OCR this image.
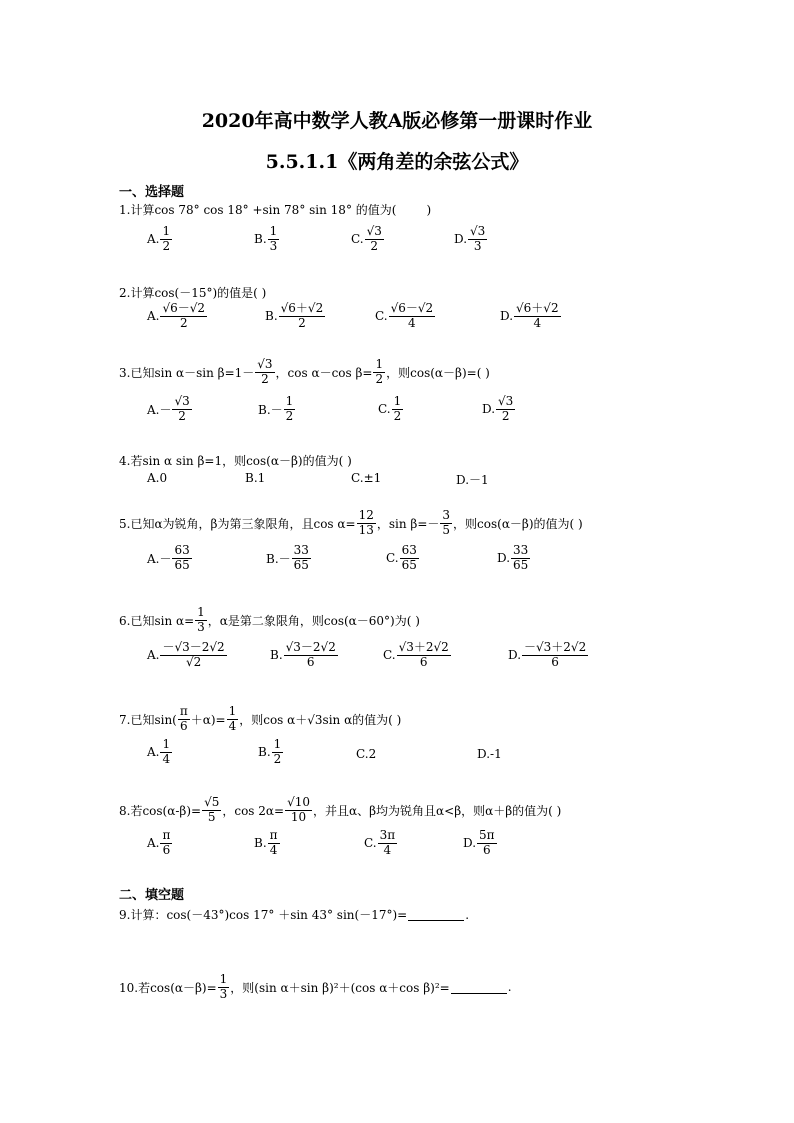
2020年高中数学人教A版必修第一册课时作业
5.5.1.1《两角差的余弦公式》
一、选择题
1.计算cos 78° cos 18° +sin 78° sin 18° 的值为(	)
A. $\frac{1}{2}$	B. $\frac{1}{3}$	C. $\frac{√3}{2}$	D. $\frac{√3}{3}$
2.计算cos(－15°)的值是( )
A. $\frac{√6-√2}{2}$	B. $\frac{√6+√2}{2}$	C. $\frac{√6-√2}{4}$	D. $\frac{√6+√2}{4}$
3.已知sin α－sin $\beta=1- \frac{√3}{2}$ ，cos α－cos $\beta= \frac{1}{2}$ ，则cos(α－β)=( )
$A.- \frac{√3}{2}$	$B.- \frac{1}{2}$	C. $\frac{1}{2}$	D. $\frac{√3}{2}$
4.若sin α sin β=1，则cos(α－β)的值为( )
A.0	B.1	C.±1	D.－1
5.已知α为锐角，β为第三象限角，且$\cos \alpha= \frac{12}{13}$ ，$\sin \beta=- \frac{3}{5}$ ，则cos(α－β)的值为( )
$A.- \frac{63}{65}$	$B.- \frac{33}{65}$	C. $\frac{63}{65}$	D. $\frac{33}{65}$
6.已知$\sin \alpha= \frac{1}{3}$ ，α是第二象限角，则cos(α－60°)为( )
A. $\frac{-√3-2√2}{√2}$	B. $\frac{√3-2√2}{6}$	C. $\frac{√3+2√2}{6}$	D. $\frac{-√3+2√2}{6}$
7.已知$\sin( \frac{\pi}{6} +\alpha)= \frac{1}{4}$ ，则cos α＋√3sin α的值为( )
A. $\frac{1}{4}$	B. $\frac{1}{2}$	C.2	D.-1
8.若$\cos(\alpha-\beta)= \frac{√5}{5}$ ，$\cos 2\alpha= \frac{√10}{10}$ ，并且α、β均为锐角且α<β，则α＋β的值为( )
A. $\frac{\pi}{6}$	B. $\frac{\pi}{4}$	C. $\frac{3\pi}{4}$	D. $\frac{5\pi}{6}$
二、填空题
9.计算：cos(－43°)cos 17° ＋sin 43° sin(－17°)=	.
10.若$\cos(\alpha-\beta)= \frac{1}{3}$ ，则(sin α＋sin β)²＋(cos α＋cos β)²=	.
